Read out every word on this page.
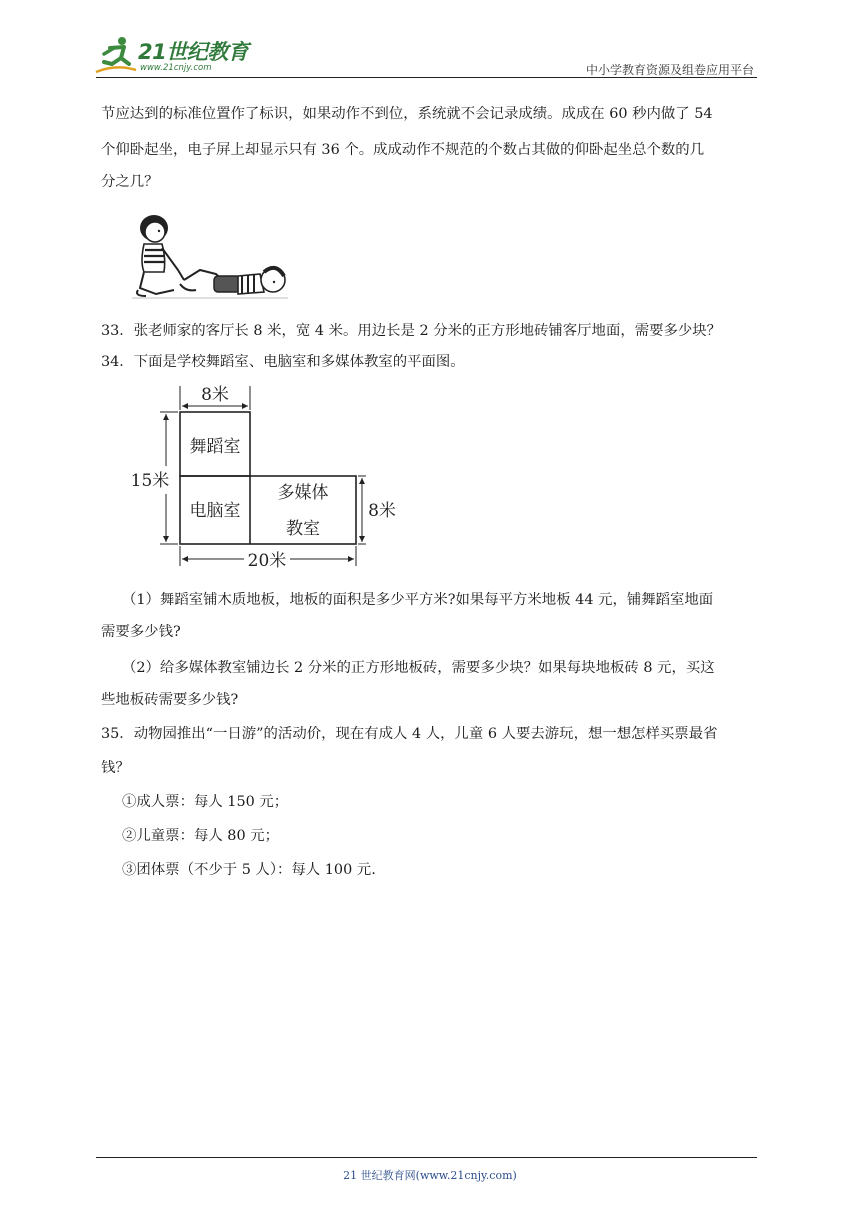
21世纪教育
www.21cnjy.com	中小学教育资源及组卷应用平台
节应达到的标准位置作了标识，如果动作不到位，系统就不会记录成绩。成成在 60 秒内做了 54
个仰卧起坐，电子屏上却显示只有 36 个。成成动作不规范的个数占其做的仰卧起坐总个数的几
分之几？
33．张老师家的客厅长 8 米，宽 4 米。用边长是 2 分米的正方形地砖铺客厅地面，需要多少块？
34．下面是学校舞蹈室、电脑室和多媒体教室的平面图。
8米
15米
8米
20米
舞蹈室
电脑室
多媒体
教室
（1）舞蹈室铺木质地板，地板的面积是多少平方米?如果每平方米地板 44 元，铺舞蹈室地面
需要多少钱?
（2）给多媒体教室铺边长 2 分米的正方形地板砖，需要多少块？如果每块地板砖 8 元，买这
些地板砖需要多少钱?
35．动物园推出“一日游”的活动价，现在有成人 4 人，儿童 6 人要去游玩，想一想怎样买票最省
钱？
①成人票：每人 150 元；
②儿童票：每人 80 元；
③团体票（不少于 5 人）：每人 100 元.
21 世纪教育网(www.21cnjy.com)
